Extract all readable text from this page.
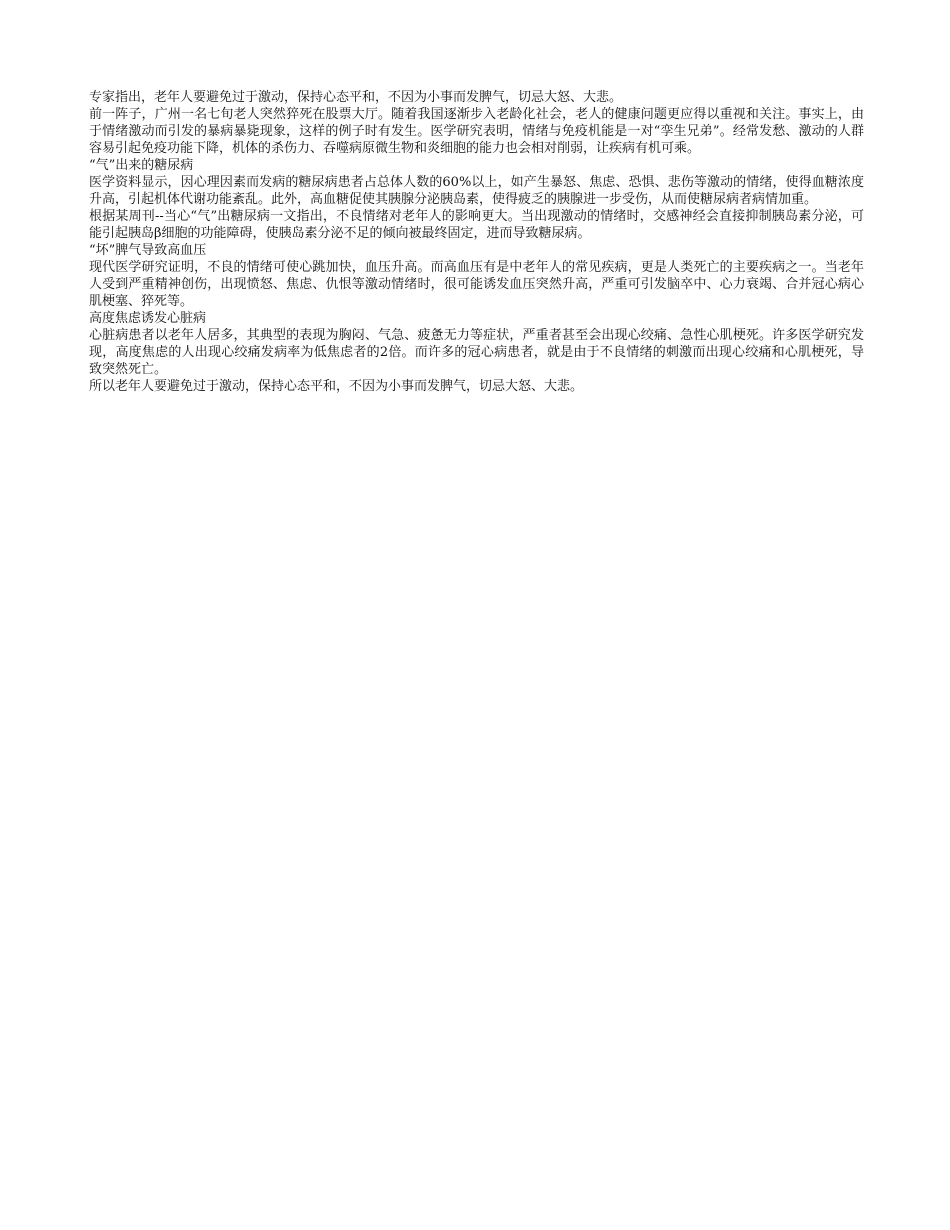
专家指出，老年人要避免过于激动，保持心态平和，不因为小事而发脾气，切忌大怒、大悲。

前一阵子，广州一名七旬老人突然猝死在股票大厅。随着我国逐渐步入老龄化社会，老人的健康问题更应得以重视和关注。事实上，由于情绪激动而引发的暴病暴毙现象，这样的例子时有发生。医学研究表明，情绪与免疫机能是一对“孪生兄弟”。经常发愁、激动的人群容易引起免疫功能下降，机体的杀伤力、吞噬病原微生物和炎细胞的能力也会相对削弱，让疾病有机可乘。

“气”出来的糖尿病

医学资料显示，因心理因素而发病的糖尿病患者占总体人数的60%以上，如产生暴怒、焦虑、恐惧、悲伤等激动的情绪，使得血糖浓度升高，引起机体代谢功能紊乱。此外，高血糖促使其胰腺分泌胰岛素，使得疲乏的胰腺进一步受伤，从而使糖尿病者病情加重。

根据某周刊--当心“气”出糖尿病一文指出，不良情绪对老年人的影响更大。当出现激动的情绪时，交感神经会直接抑制胰岛素分泌，可能引起胰岛β细胞的功能障碍，使胰岛素分泌不足的倾向被最终固定，进而导致糖尿病。

“坏”脾气导致高血压

现代医学研究证明，不良的情绪可使心跳加快，血压升高。而高血压有是中老年人的常见疾病，更是人类死亡的主要疾病之一。当老年人受到严重精神创伤，出现愤怒、焦虑、仇恨等激动情绪时，很可能诱发血压突然升高，严重可引发脑卒中、心力衰竭、合并冠心病心肌梗塞、猝死等。

高度焦虑诱发心脏病

心脏病患者以老年人居多，其典型的表现为胸闷、气急、疲惫无力等症状，严重者甚至会出现心绞痛、急性心肌梗死。许多医学研究发现，高度焦虑的人出现心绞痛发病率为低焦虑者的2倍。而许多的冠心病患者，就是由于不良情绪的刺激而出现心绞痛和心肌梗死，导致突然死亡。

所以老年人要避免过于激动，保持心态平和，不因为小事而发脾气，切忌大怒、大悲。
